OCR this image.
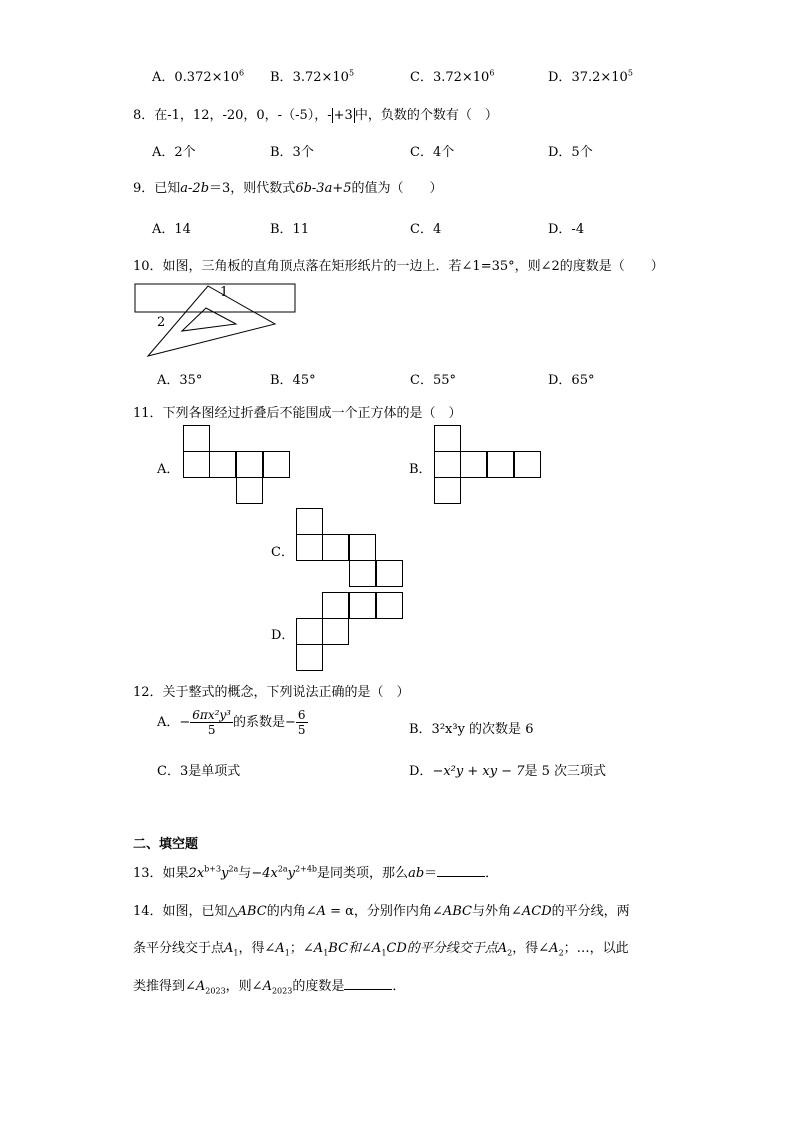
A．$0.372\times 10^6$ B．$3.72\times 10^5$	C．$3.72\times 10^6$	D．$37.2\times 10^5$
8．在-1，12，-20，0，-（-5），- +3 中，负数的个数有（　）
A．2个	B．3个	C．4个	D．5个
9．已知a-2b＝3，则代数式6b-3a+5的值为（　　）
A．14	B．11	C．4	D．-4
10．如图，三角板的直角顶点落在矩形纸片的一边上．若∠1=35°，则∠2的度数是（　　）
1
2
A．35°	B．45°	C．55°	D．65°
11．下列各图经过折叠后不能围成一个正方体的是（　）
A．	B．
C．
D．
12．关于整式的概念，下列说法正确的是（　）
A．− $\frac{\text{6πx²y³}}{5}$ 的系数是− $\frac{6}{5}$	B．3²x³y 的次数是 6
C．3是单项式	D．−x²y + xy − 7是 5 次三项式
二、填空题
13．如果$2x^{b+3}y^{2a}$与$-4x^{2a}y^{2+4b}$是同类项，那么ab＝	．
14．如图，已知△ABC的内角∠A = α，分别作内角∠ABC与外角∠ACD的平分线，两
条平分线交于点$A_1$，得$\angle A_1$；$\angle A_1BC$和$\angle A_1CD$的平分线交于点$A_2$，得$\angle A_2$；…，以此
类推得到$\angle A_{2023}$，则$\angle A_{2023}$的度数是	．
